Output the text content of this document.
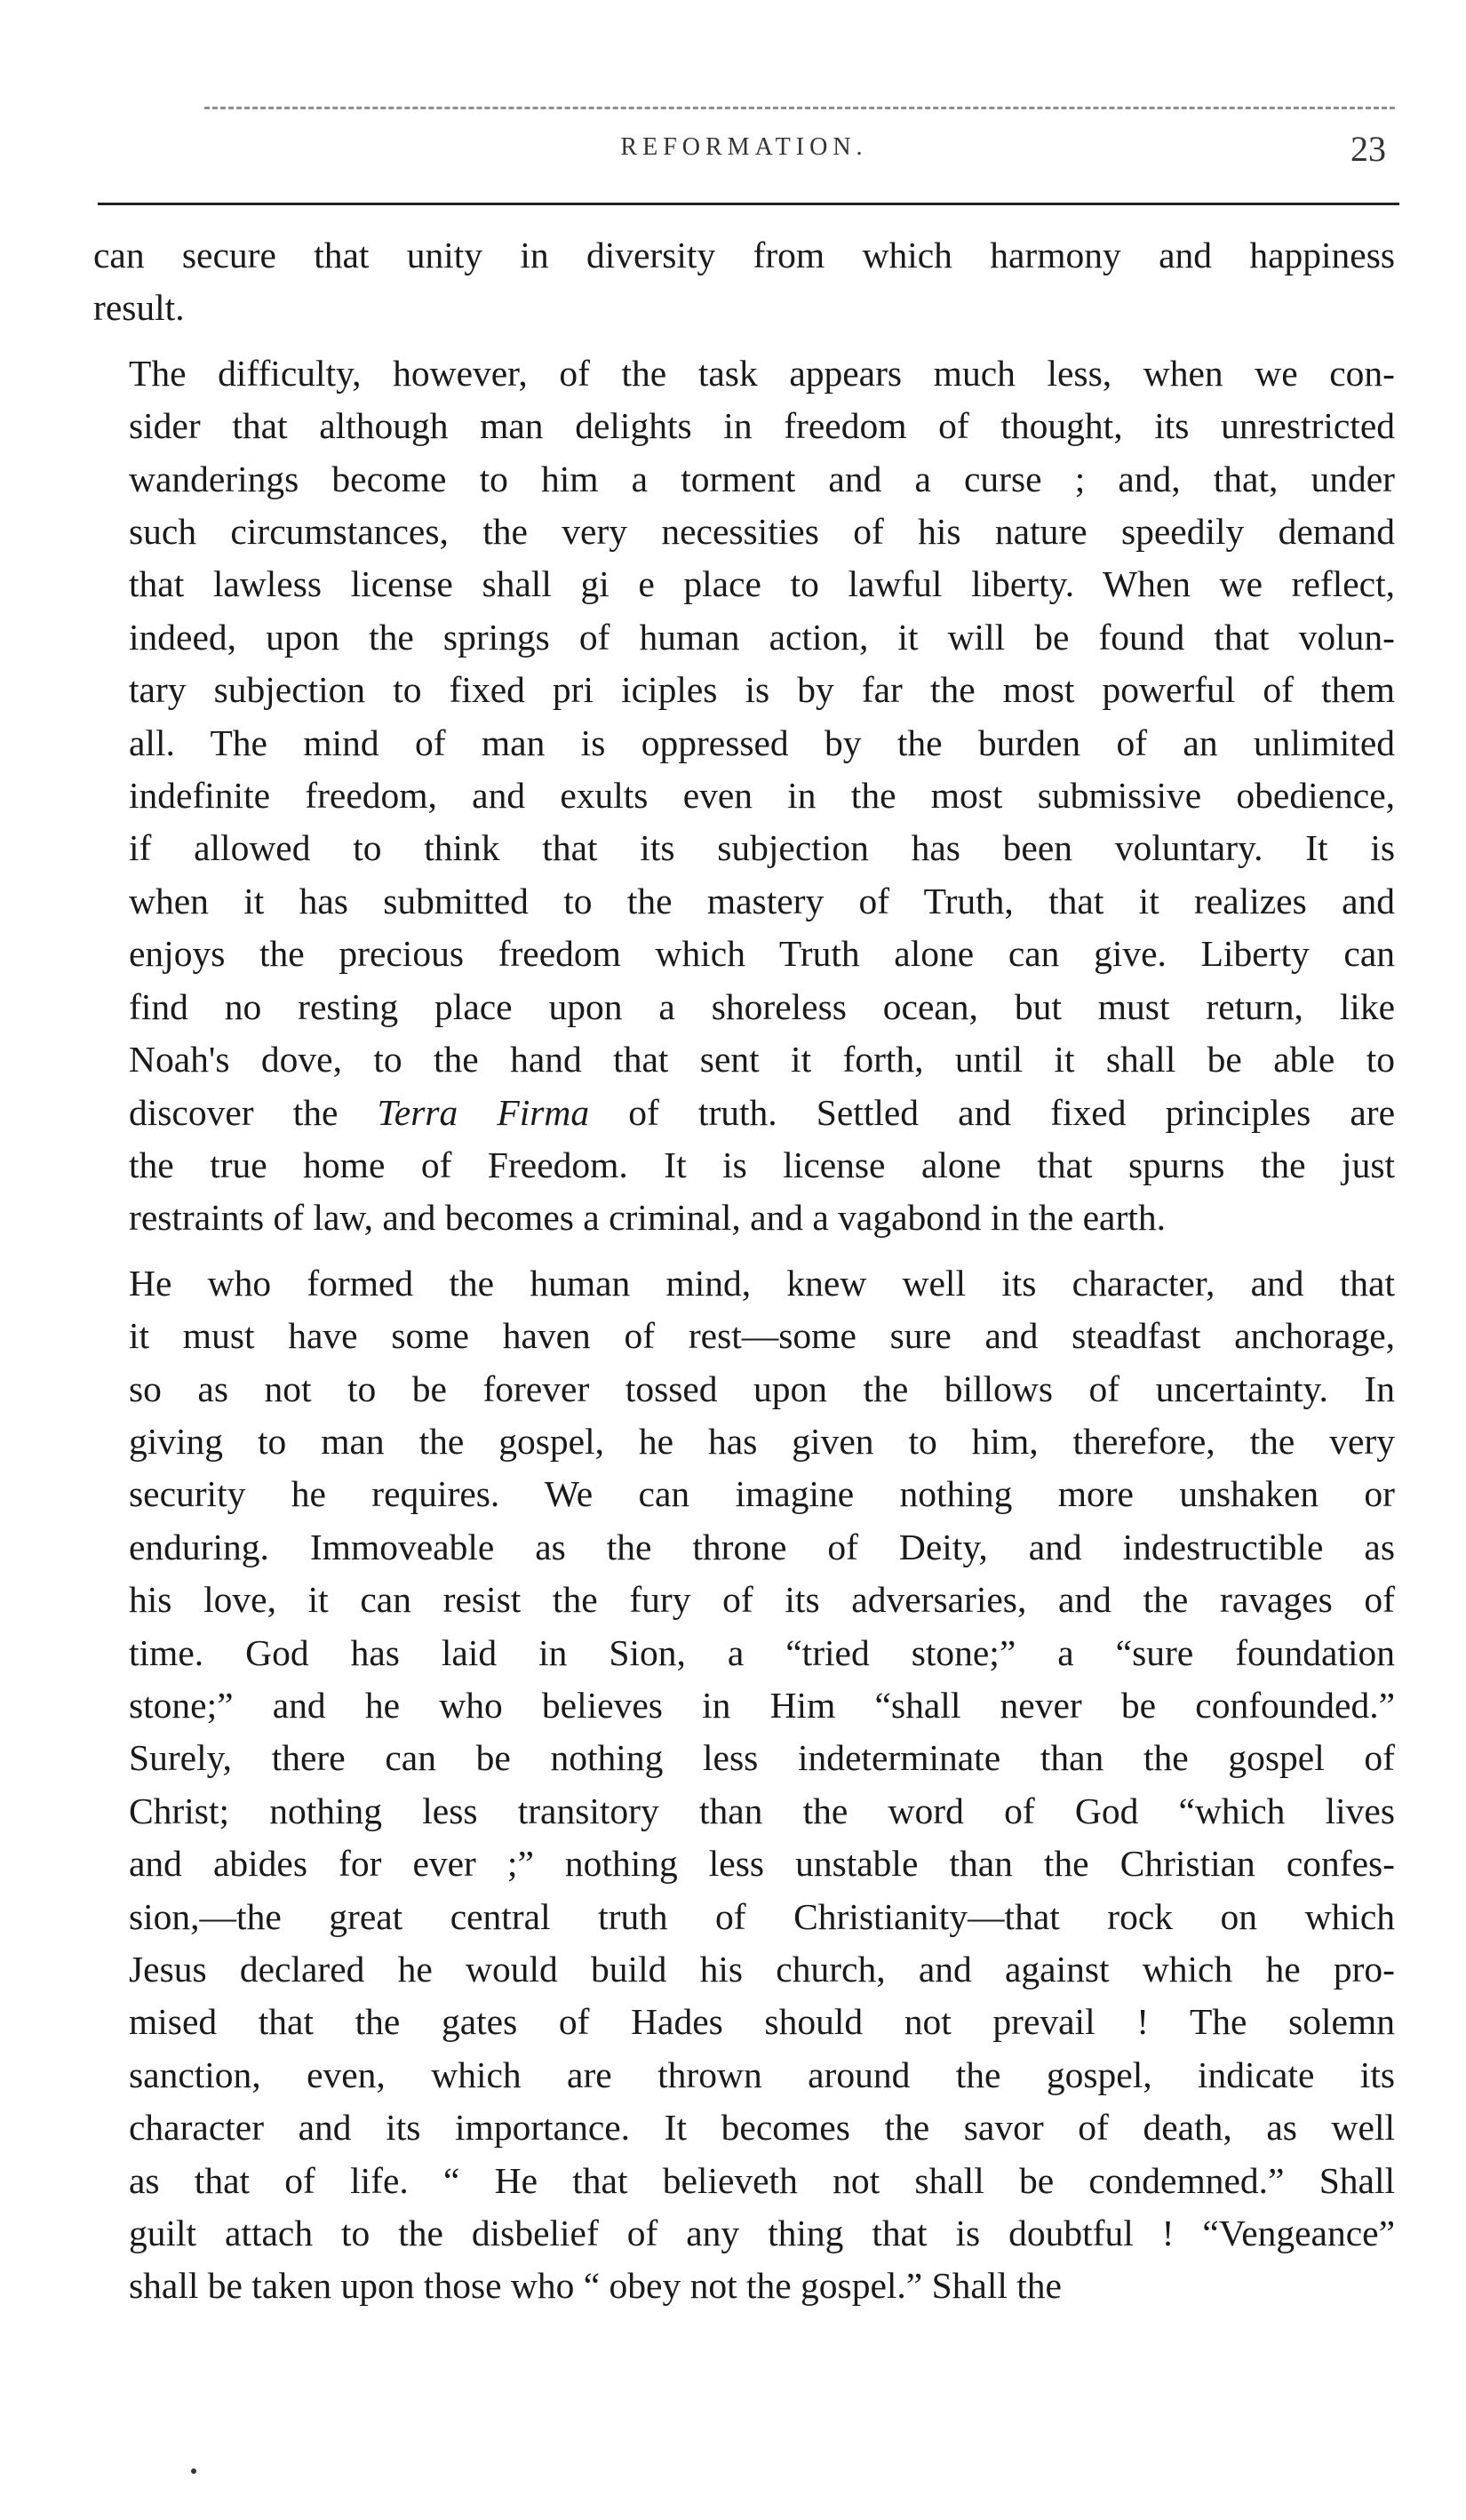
REFORMATION.	23

can secure that unity in diversity from which harmony and happiness
result.

The difficulty, however, of the task appears much less, when we con-
sider that although man delights in freedom of thought, its unrestricted
wanderings become to him a torment and a curse ; and, that, under
such circumstances, the very necessities of his nature speedily demand
that lawless license shall gi e place to lawful liberty. When we reflect,
indeed, upon the springs of human action, it will be found that volun-
tary subjection to fixed pri iciples is by far the most powerful of them
all. The mind of man is oppressed by the burden of an unlimited
indefinite freedom, and exults even in the most submissive obedience,
if allowed to think that its subjection has been voluntary. It is
when it has submitted to the mastery of Truth, that it realizes and
enjoys the precious freedom which Truth alone can give. Liberty can
find no resting place upon a shoreless ocean, but must return, like
Noah's dove, to the hand that sent it forth, until it shall be able to
discover the Terra Firma of truth. Settled and fixed principles are
the true home of Freedom. It is license alone that spurns the just
restraints of law, and becomes a criminal, and a vagabond in the earth.

He who formed the human mind, knew well its character, and that
it must have some haven of rest—some sure and steadfast anchorage,
so as not to be forever tossed upon the billows of uncertainty. In
giving to man the gospel, he has given to him, therefore, the very
security he requires. We can imagine nothing more unshaken or
enduring. Immoveable as the throne of Deity, and indestructible as
his love, it can resist the fury of its adversaries, and the ravages of
time. God has laid in Sion, a “tried stone;” a “sure foundation
stone;” and he who believes in Him “shall never be confounded.”
Surely, there can be nothing less indeterminate than the gospel of
Christ; nothing less transitory than the word of God “which lives
and abides for ever ;” nothing less unstable than the Christian confes-
sion,—the great central truth of Christianity—that rock on which
Jesus declared he would build his church, and against which he pro-
mised that the gates of Hades should not prevail ! The solemn
sanction, even, which are thrown around the gospel, indicate its
character and its importance. It becomes the savor of death, as well
as that of life. “ He that believeth not shall be condemned.” Shall
guilt attach to the disbelief of any thing that is doubtful ! “Vengeance”
shall be taken upon those who “ obey not the gospel.” Shall the
